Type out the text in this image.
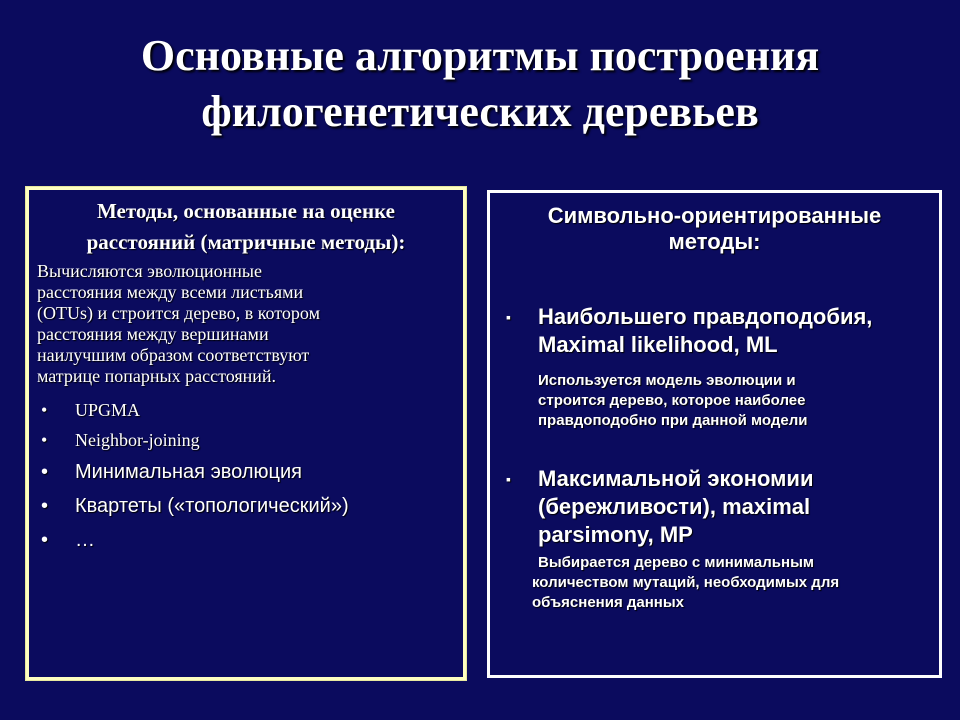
Основные алгоритмы построения
филогенетических деревьев
Методы, основанные на оценке
расстояний (матричные методы):
Вычисляются эволюционные
расстояния между всеми листьями
(OTUs) и строится дерево, в котором
расстояния между вершинами
наилучшим образом соответствуют
матрице попарных расстояний.
• UPGMA
• Neighbor-joining
• Минимальная эволюция
• Квартеты («топологический»)
• …
Символьно-ориентированные
методы:
▪ Наибольшего правдоподобия,
Maximal likelihood, ML
Используется модель эволюции и
строится дерево, которое наиболее
правдоподобно при данной модели
▪ Максимальной экономии
(бережливости), maximal
parsimony, MP
Выбирается дерево с минимальным
количеством мутаций, необходимых для
объяснения данных
